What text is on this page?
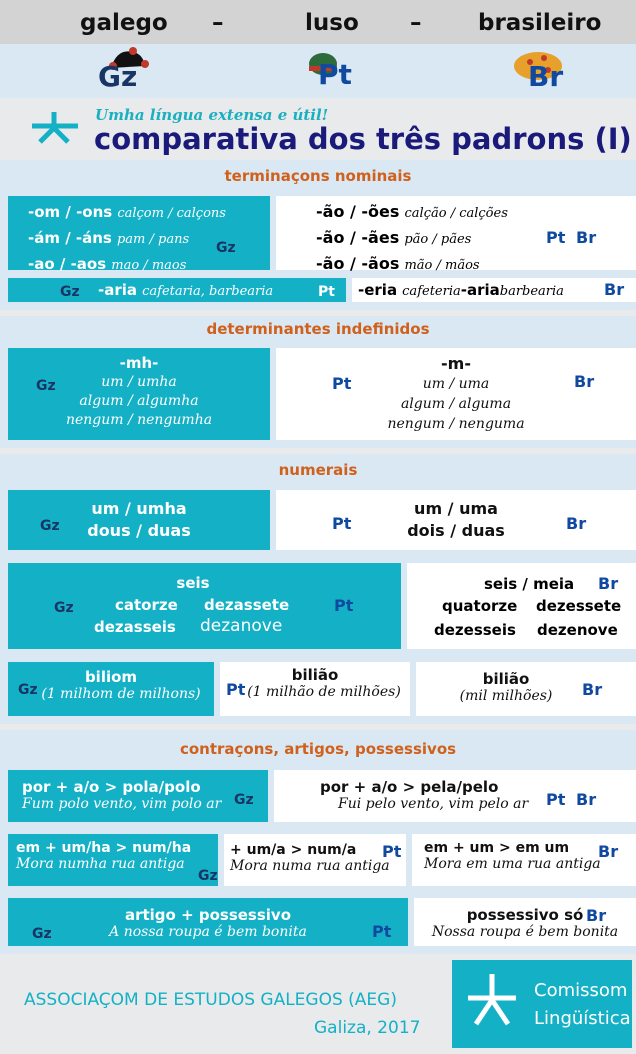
galego –	luso – brasileiro
Gz	Pt	Br
Umha língua extensa e útil!
comparativa dos três padrons (I)
terminaçons nominais
-om / -ons calçom / calçons
-ám / -áns pam / pans
-ao / -aos mao / maos
Gz
-ão / -ões calção / calções
-ão / -ães pão / pães
-ão / -ãos mão / mãos
Pt Br
Gz -aria cafetaria, barbearia	Pt -eria cafeteria-ariabarbearia	Br
determinantes indefinidos
-mh-
um / umha
algum / algumha
nengum / nengumha
Gz
-m-
um / uma
algum / alguma
nengum / nenguma
Pt	Br
numerais
um / umha
dous / duas
Gz
um / uma
dois / duas
Pt	Br
seis
catorze dezassete
dezasseis dezanove
Gz	Pt
seis / meia
quatorze dezessete
dezesseis dezenove
Br
biliom
(1 milhom de milhons)
Gz
bilião
(1 milhão de milhões)
Pt
bilião
(mil milhões)	Br
contraçons, artigos, possessivos
por + a/o > pola/polo
Fum polo vento, vim polo ar Gz
por + a/o > pela/pelo
Fui pelo vento, vim pelo ar	Pt Br
em + um/ha > num/ha
Mora numha rua antiga
Gz
+ um/a > num/a
Mora numa rua antiga
Pt em + um > em um
Mora em uma rua antiga
Br
artigo + possessivo
A nossa roupa é bem bonita
Gz	Pt
possessivo só
Nossa roupa é bem bonita
Br
ASSOCIAÇOM DE ESTUDOS GALEGOS (AEG)
Galiza, 2017
Comissom
Lingüística
